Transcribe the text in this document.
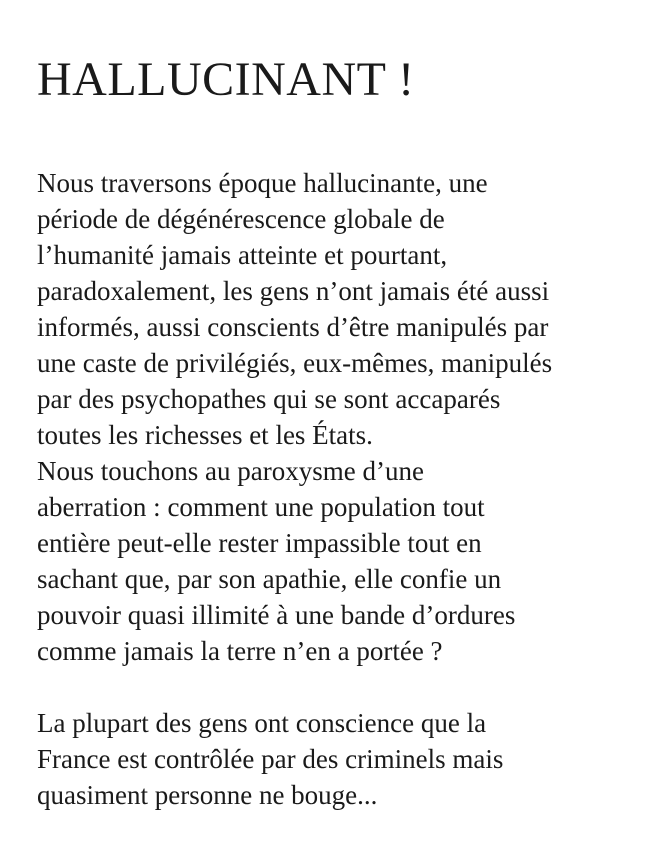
HALLUCINANT !
Nous traversons époque hallucinante, une
période de dégénérescence globale de
l’humanité jamais atteinte et pourtant,
paradoxalement, les gens n’ont jamais été aussi
informés, aussi conscients d’être manipulés par
une caste de privilégiés, eux-mêmes, manipulés
par des psychopathes qui se sont accaparés
toutes les richesses et les États.
Nous touchons au paroxysme d’une
aberration : comment une population tout
entière peut-elle rester impassible tout en
sachant que, par son apathie, elle confie un
pouvoir quasi illimité à une bande d’ordures
comme jamais la terre n’en a portée ?
La plupart des gens ont conscience que la
France est contrôlée par des criminels mais
quasiment personne ne bouge...
